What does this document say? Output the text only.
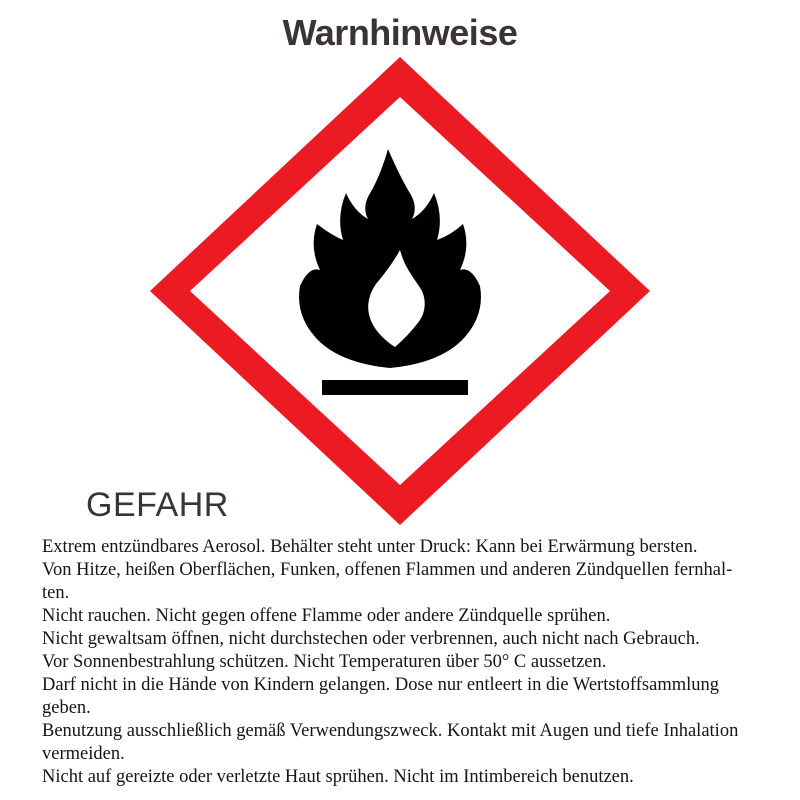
Warnhinweise
GEFAHR
Extrem entzündbares Aerosol. Behälter steht unter Druck: Kann bei Erwärmung bersten.
Von Hitze, heißen Oberflächen, Funken, offenen Flammen und anderen Zündquellen fernhal-
ten.
Nicht rauchen. Nicht gegen offene Flamme oder andere Zündquelle sprühen.
Nicht gewaltsam öffnen, nicht durchstechen oder verbrennen, auch nicht nach Gebrauch.
Vor Sonnenbestrahlung schützen. Nicht Temperaturen über 50° C aussetzen.
Darf nicht in die Hände von Kindern gelangen. Dose nur entleert in die Wertstoffsammlung
geben.
Benutzung ausschließlich gemäß Verwendungszweck. Kontakt mit Augen und tiefe Inhalation
vermeiden.
Nicht auf gereizte oder verletzte Haut sprühen. Nicht im Intimbereich benutzen.
